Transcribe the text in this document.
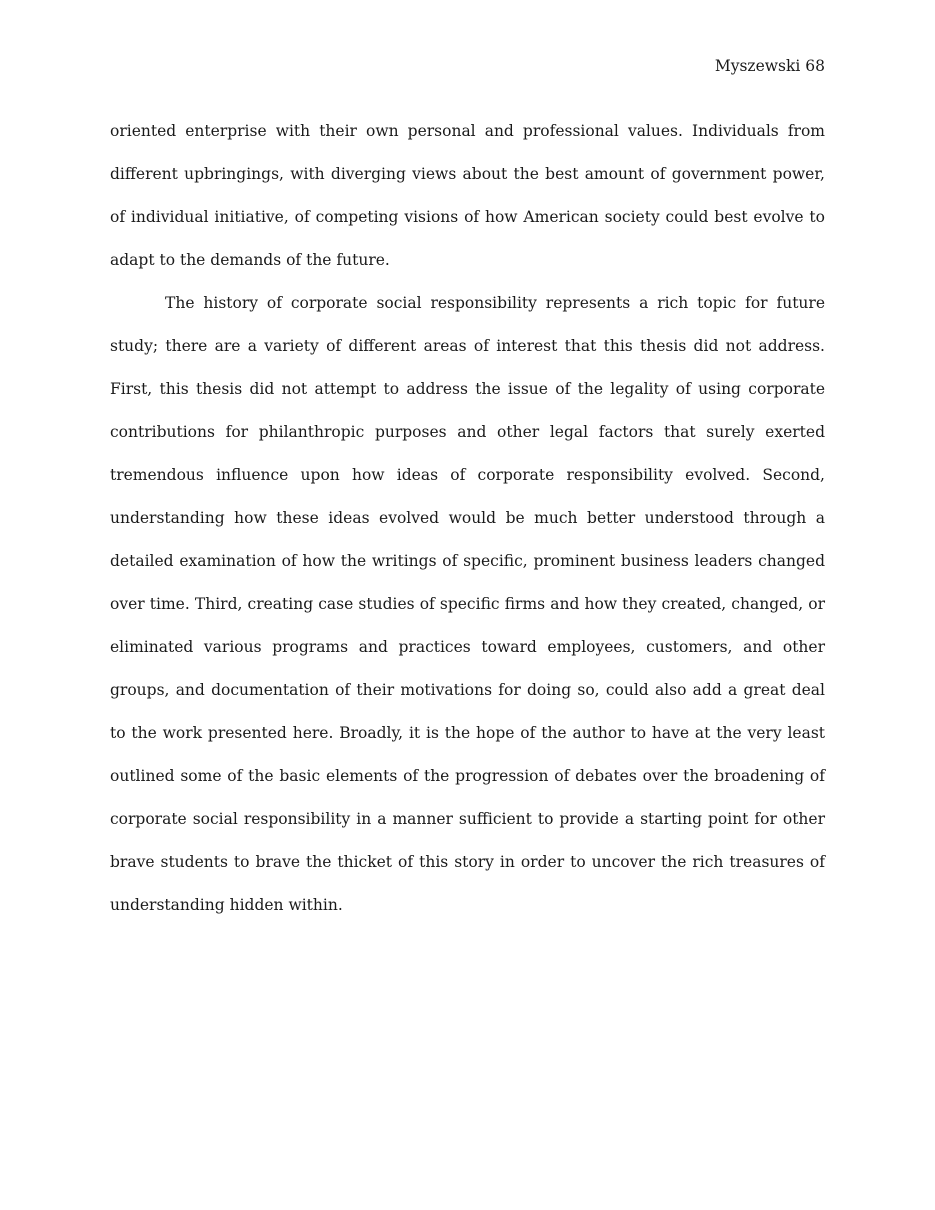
Myszewski 68

oriented enterprise with their own personal and professional values. Individuals from different upbringings, with diverging views about the best amount of government power, of individual initiative, of competing visions of how American society could best evolve to adapt to the demands of the future.

The history of corporate social responsibility represents a rich topic for future study; there are a variety of different areas of interest that this thesis did not address. First, this thesis did not attempt to address the issue of the legality of using corporate contributions for philanthropic purposes and other legal factors that surely exerted tremendous influence upon how ideas of corporate responsibility evolved. Second, understanding how these ideas evolved would be much better understood through a detailed examination of how the writings of specific, prominent business leaders changed over time. Third, creating case studies of specific firms and how they created, changed, or eliminated various programs and practices toward employees, customers, and other groups, and documentation of their motivations for doing so, could also add a great deal to the work presented here. Broadly, it is the hope of the author to have at the very least outlined some of the basic elements of the progression of debates over the broadening of corporate social responsibility in a manner sufficient to provide a starting point for other brave students to brave the thicket of this story in order to uncover the rich treasures of understanding hidden within.
